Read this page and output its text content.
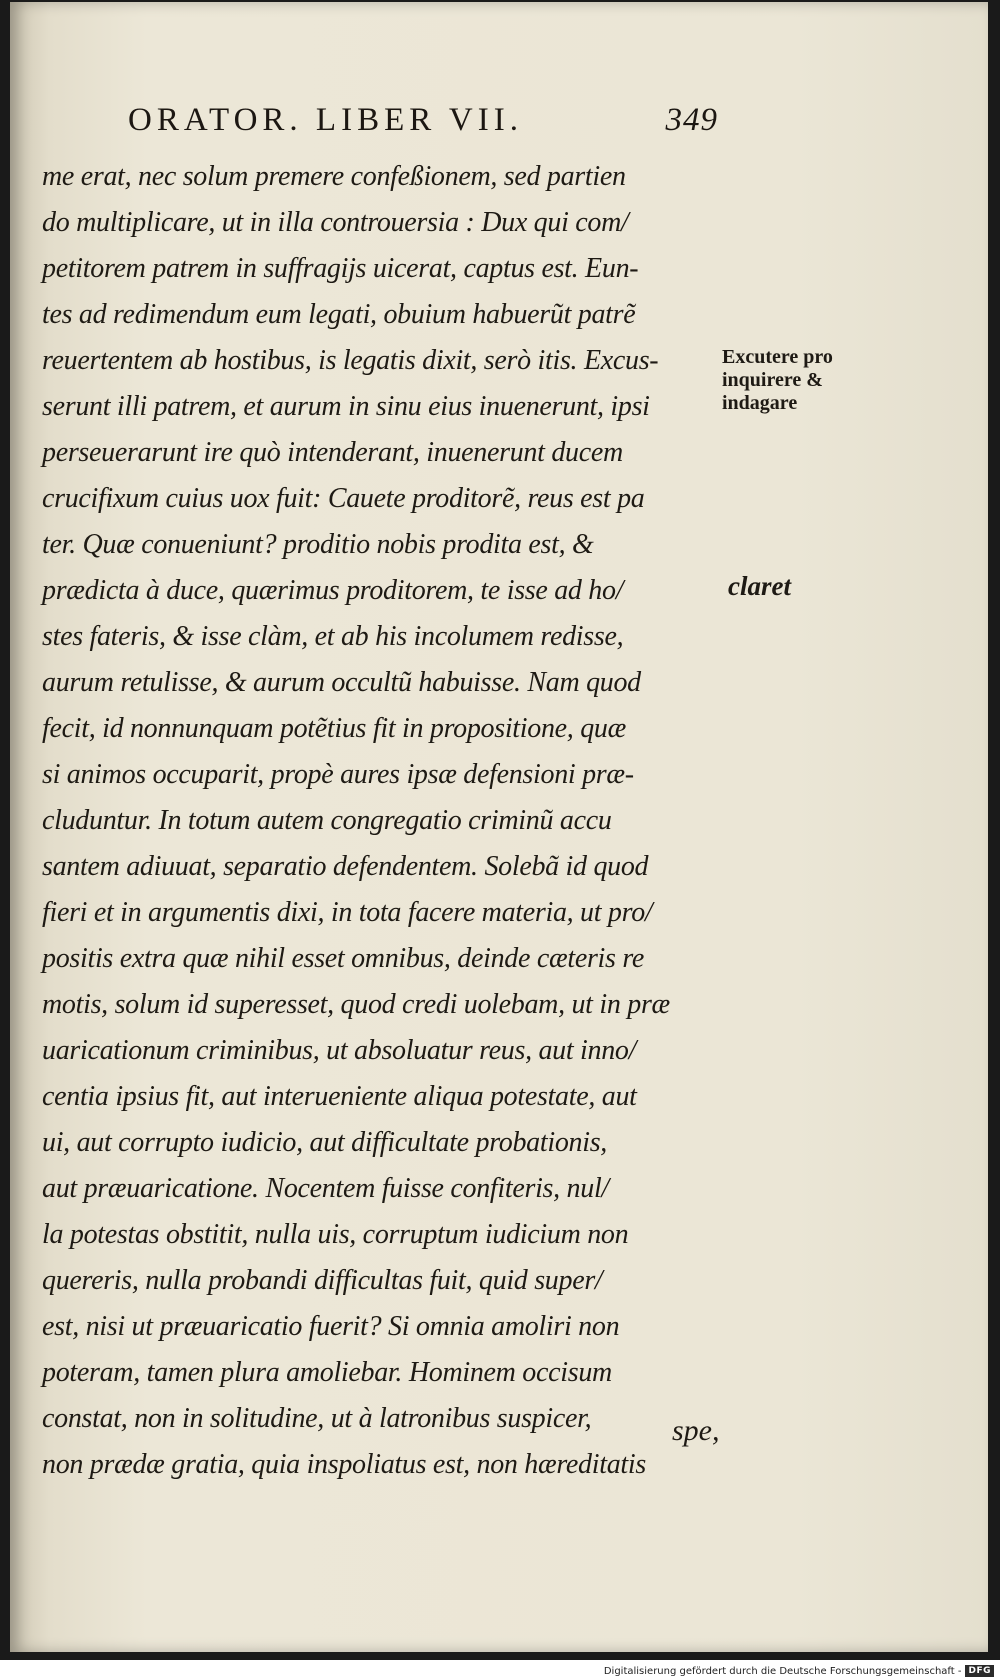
ORATOR. LIBER VII.	349
me erat, nec solum premere confeßionem, sed partien
do multiplicare, ut in illa controuersia : Dux qui com/
petitorem patrem in suffragijs uicerat, captus est. Eun-
tes ad redimendum eum legati, obuium habuerũt patrẽ
reuertentem ab hostibus, is legatis dixit, serò itis. Excus-
serunt illi patrem, et aurum in sinu eius inuenerunt, ipsi
perseuerarunt ire quò intenderant, inuenerunt ducem
crucifixum cuius uox fuit: Cauete proditorẽ, reus est pa
ter. Quæ conueniunt? proditio nobis prodita est, &
prædicta à duce, quærimus proditorem, te isse ad ho/
stes fateris, & isse clàm, et ab his incolumem redisse,
aurum retulisse, & aurum occultũ habuisse. Nam quod
fecit, id nonnunquam potẽtius fit in propositione, quæ
si animos occuparit, propè aures ipsæ defensioni præ-
cluduntur. In totum autem congregatio criminũ accu
santem adiuuat, separatio defendentem. Solebã id quod
fieri et in argumentis dixi, in tota facere materia, ut pro/
positis extra quæ nihil esset omnibus, deinde cæteris re
motis, solum id superesset, quod credi uolebam, ut in præ
uaricationum criminibus, ut absoluatur reus, aut inno/
centia ipsius fit, aut interueniente aliqua potestate, aut
ui, aut corrupto iudicio, aut difficultate probationis,
aut præuaricatione. Nocentem fuisse confiteris, nul/
la potestas obstitit, nulla uis, corruptum iudicium non
quereris, nulla probandi difficultas fuit, quid super/
est, nisi ut præuaricatio fuerit? Si omnia amoliri non
poteram, tamen plura amoliebar. Hominem occisum
constat, non in solitudine, ut à latronibus suspicer,
non prædæ gratia, quia inspoliatus est, non hæreditatis
Excutere pro
inquirere &
indagare
claret
spe,
Digitalisierung gefördert durch die Deutsche Forschungsgemeinschaft - DFG
